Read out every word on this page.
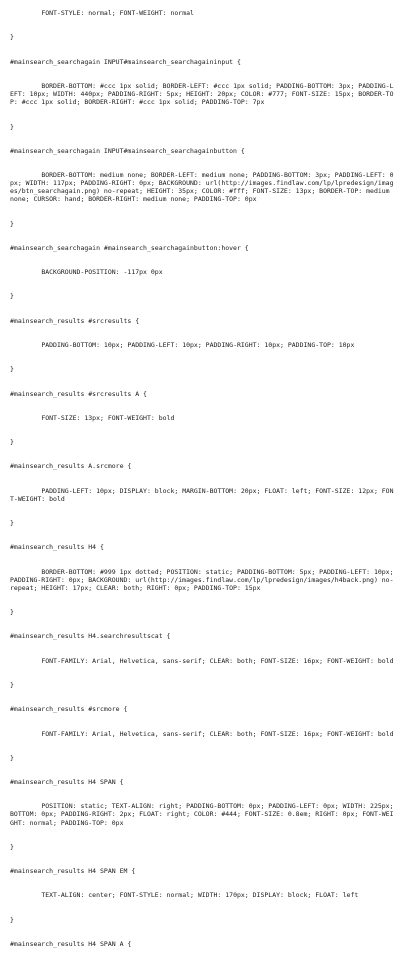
FONT-STYLE: normal; FONT-WEIGHT: normal

}

#mainsearch_searchagain INPUT#mainsearch_searchagaininput {

BORDER-BOTTOM: #ccc 1px solid; BORDER-LEFT: #ccc 1px solid; PADDING-BOTTOM: 3px; PADDING-LEFT: 10px; WIDTH: 440px; PADDING-RIGHT: 5px; HEIGHT: 20px; COLOR: #777; FONT-SIZE: 15px; BORDER-TOP: #ccc 1px solid; BORDER-RIGHT: #ccc 1px solid; PADDING-TOP: 7px

}

#mainsearch_searchagain INPUT#mainsearch_searchagainbutton {

BORDER-BOTTOM: medium none; BORDER-LEFT: medium none; PADDING-BOTTOM: 3px; PADDING-LEFT: 0px; WIDTH: 117px; PADDING-RIGHT: 0px; BACKGROUND: url(http://images.findlaw.com/lp/lpredesign/images/btn_searchagain.png) no-repeat; HEIGHT: 35px; COLOR: #fff; FONT-SIZE: 13px; BORDER-TOP: medium none; CURSOR: hand; BORDER-RIGHT: medium none; PADDING-TOP: 0px

}

#mainsearch_searchagain #mainsearch_searchagainbutton:hover {

BACKGROUND-POSITION: -117px 0px

}

#mainsearch_results #srcresults {

PADDING-BOTTOM: 10px; PADDING-LEFT: 10px; PADDING-RIGHT: 10px; PADDING-TOP: 10px

}

#mainsearch_results #srcresults A {

FONT-SIZE: 13px; FONT-WEIGHT: bold

}

#mainsearch_results A.srcmore {

PADDING-LEFT: 10px; DISPLAY: block; MARGIN-BOTTOM: 20px; FLOAT: left; FONT-SIZE: 12px; FONT-WEIGHT: bold

}

#mainsearch_results H4 {

BORDER-BOTTOM: #999 1px dotted; POSITION: static; PADDING-BOTTOM: 5px; PADDING-LEFT: 10px; PADDING-RIGHT: 0px; BACKGROUND: url(http://images.findlaw.com/lp/lpredesign/images/h4back.png) no-repeat; HEIGHT: 17px; CLEAR: both; RIGHT: 0px; PADDING-TOP: 15px

}

#mainsearch_results H4.searchresultscat {

FONT-FAMILY: Arial, Helvetica, sans-serif; CLEAR: both; FONT-SIZE: 16px; FONT-WEIGHT: bold

}

#mainsearch_results #srcmore {

FONT-FAMILY: Arial, Helvetica, sans-serif; CLEAR: both; FONT-SIZE: 16px; FONT-WEIGHT: bold

}

#mainsearch_results H4 SPAN {

POSITION: static; TEXT-ALIGN: right; PADDING-BOTTOM: 0px; PADDING-LEFT: 0px; WIDTH: 225px; BOTTOM: 0px; PADDING-RIGHT: 2px; FLOAT: right; COLOR: #444; FONT-SIZE: 0.8em; RIGHT: 0px; FONT-WEIGHT: normal; PADDING-TOP: 0px

}

#mainsearch_results H4 SPAN EM {

TEXT-ALIGN: center; FONT-STYLE: normal; WIDTH: 170px; DISPLAY: block; FLOAT: left

}

#mainsearch_results H4 SPAN A {
